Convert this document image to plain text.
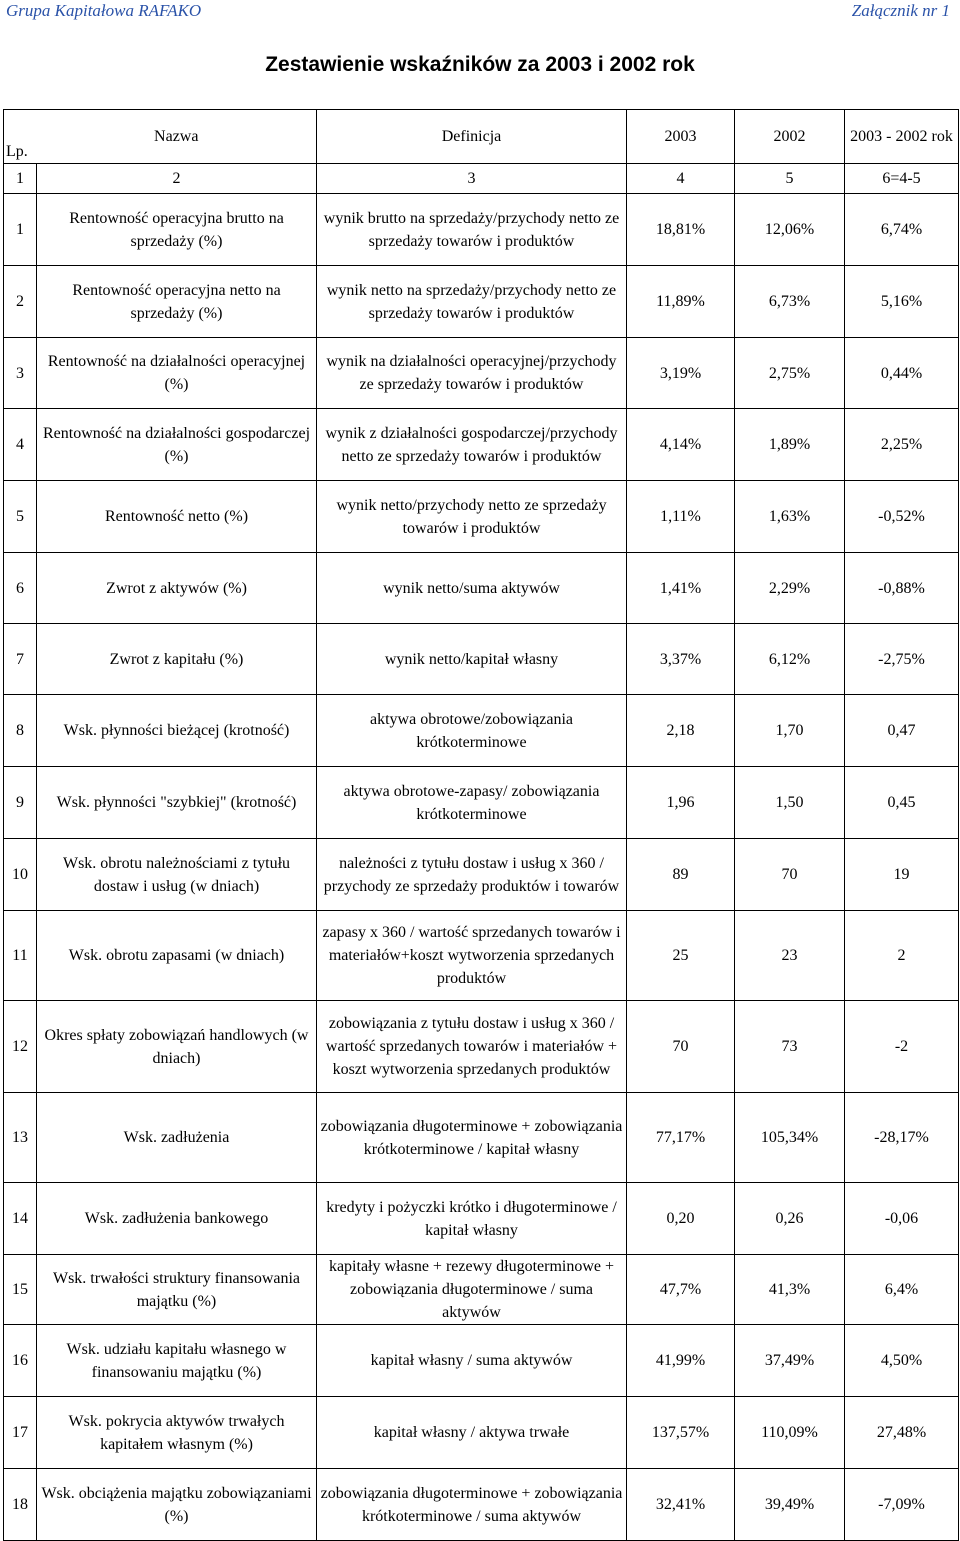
Grupa Kapitałowa RAFAKO	Załącznik nr 1
Zestawienie wskaźników za 2003 i 2002 rok
Lp.	Nazwa	Definicja	2003	2002	2003 - 2002 rok
1	2	3	4	5	6=4-5
1	Rentowność operacyjna brutto na sprzedaży (%)	wynik brutto na sprzedaży/przychody netto ze sprzedaży towarów i produktów	18,81%	12,06%	6,74%
2	Rentowność operacyjna netto na sprzedaży (%)	wynik netto na sprzedaży/przychody netto ze sprzedaży towarów i produktów	11,89%	6,73%	5,16%
3	Rentowność na działalności operacyjnej (%)	wynik na działalności operacyjnej/przychody ze sprzedaży towarów i produktów	3,19%	2,75%	0,44%
4	Rentowność na działalności gospodarczej (%)	wynik z działalności gospodarczej/przychody netto ze sprzedaży towarów i produktów	4,14%	1,89%	2,25%
5	Rentowność netto (%)	wynik netto/przychody netto ze sprzedaży towarów i produktów	1,11%	1,63%	-0,52%
6	Zwrot z aktywów (%)	wynik netto/suma aktywów	1,41%	2,29%	-0,88%
7	Zwrot z kapitału (%)	wynik netto/kapitał własny	3,37%	6,12%	-2,75%
8	Wsk. płynności bieżącej (krotność)	aktywa obrotowe/zobowiązania krótkoterminowe	2,18	1,70	0,47
9	Wsk. płynności "szybkiej" (krotność)	aktywa obrotowe-zapasy/ zobowiązania krótkoterminowe	1,96	1,50	0,45
10	Wsk. obrotu należnościami z tytułu dostaw i usług (w dniach)	należności z tytułu dostaw i usług x 360 / przychody ze sprzedaży produktów i towarów	89	70	19
11	Wsk. obrotu zapasami (w dniach)	zapasy x 360 / wartość sprzedanych towarów i materiałów+koszt wytworzenia sprzedanych produktów	25	23	2
12	Okres spłaty zobowiązań handlowych (w dniach)	zobowiązania z tytułu dostaw i usług x 360 / wartość sprzedanych towarów i materiałów + koszt wytworzenia sprzedanych produktów	70	73	-2
13	Wsk. zadłużenia	zobowiązania długoterminowe + zobowiązania krótkoterminowe / kapitał własny	77,17%	105,34%	-28,17%
14	Wsk. zadłużenia bankowego	kredyty i pożyczki krótko i długoterminowe / kapitał własny	0,20	0,26	-0,06
15	Wsk. trwałości struktury finansowania majątku (%)	kapitały własne + rezewy długoterminowe + zobowiązania długoterminowe / suma aktywów	47,7%	41,3%	6,4%
16	Wsk. udziału kapitału własnego w finansowaniu majątku (%)	kapitał własny / suma aktywów	41,99%	37,49%	4,50%
17	Wsk. pokrycia aktywów trwałych kapitałem własnym (%)	kapitał własny / aktywa trwałe	137,57%	110,09%	27,48%
18	Wsk. obciążenia majątku zobowiązaniami (%)	zobowiązania długoterminowe + zobowiązania krótkoterminowe / suma aktywów	32,41%	39,49%	-7,09%
